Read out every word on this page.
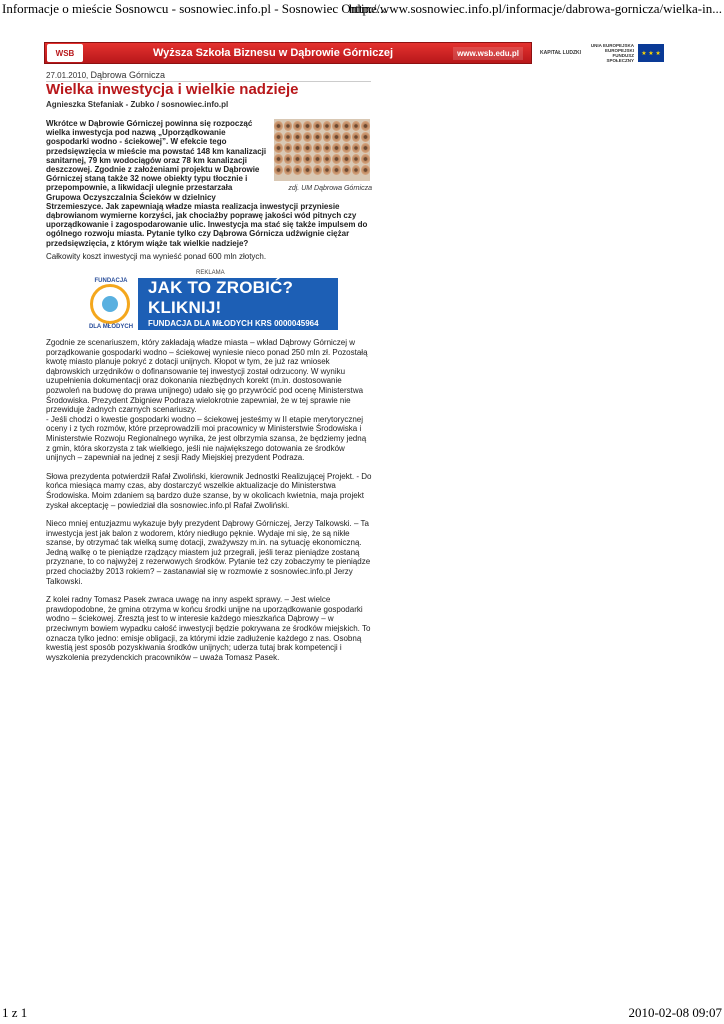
Informacje o mieście Sosnowcu - sosnowiec.info.pl - Sosnowiec Online...
http://www.sosnowiec.info.pl/informacje/dabrowa-gornicza/wielka-in...
WSB	Wyższa Szkoła Biznesu w Dąbrowie Górniczej	www.wsb.edu.pl	KAPITAŁ LUDZKI
UNIA EUROPEJSKA EUROPEJSKI FUNDUSZ SPOŁECZNY
★ ★ ★
27.01.2010, Dąbrowa Górnicza
Wielka inwestycja i wielkie nadzieje
Agnieszka Stefaniak - Zubko / sosnowiec.info.pl
zdj. UM Dąbrowa Górnicza
Wkrótce w Dąbrowie Górniczej powinna się rozpocząć wielka inwestycja pod nazwą „Uporządkowanie gospodarki wodno - ściekowej”. W efekcie tego przedsięwzięcia w mieście ma powstać 148 km kanalizacji sanitarnej, 79 km wodociągów oraz 78 km kanalizacji deszczowej. Zgodnie z założeniami projektu w Dąbrowie Górniczej staną także 32 nowe obiekty typu tłocznie i przepompownie, a likwidacji ulegnie przestarzała Grupowa Oczyszczalnia Ścieków w dzielnicy Strzemieszyce. Jak zapewniają władze miasta realizacja inwestycji przyniesie dąbrowianom wymierne korzyści, jak chociażby poprawę jakości wód pitnych czy uporządkowanie i zagospodarowanie ulic. Inwestycja ma stać się także impulsem do ogólnego rozwoju miasta. Pytanie tylko czy Dąbrowa Górnicza udźwignie ciężar przedsięwzięcia, z którym wiąże tak wielkie nadzieje?
Całkowity koszt inwestycji ma wynieść ponad 600 mln złotych.
REKLAMA
FUNDACJA
DLA MŁODYCH
JAK TO ZROBIĆ? KLIKNIJ!
FUNDACJA DLA MŁODYCH KRS 0000045964

Zgodnie ze scenariuszem, który zakładają władze miasta – wkład Dąbrowy Górniczej w porządkowanie gospodarki wodno – ściekowej wyniesie nieco ponad 250 mln zł. Pozostałą kwotę miasto planuje pokryć z dotacji unijnych. Kłopot w tym, że już raz wniosek dąbrowskich urzędników o dofinansowanie tej inwestycji został odrzucony. W wyniku uzupełnienia dokumentacji oraz dokonania niezbędnych korekt (m.in. dostosowanie pozwoleń na budowę do prawa unijnego) udało się go przywrócić pod ocenę Ministerstwa Środowiska. Prezydent Zbigniew Podraza wielokrotnie zapewniał, że w tej sprawie nie przewiduje żadnych czarnych scenariuszy.

- Jeśli chodzi o kwestie gospodarki wodno – ściekowej jesteśmy w II etapie merytorycznej oceny i z tych rozmów, które przeprowadzili moi pracownicy w Ministerstwie Środowiska i Ministerstwie Rozwoju Regionalnego wynika, że jest olbrzymia szansa, że będziemy jedną z gmin, która skorzysta z tak wielkiego, jeśli nie największego dotowania ze środków unijnych – zapewniał na jednej z sesji Rady Miejskiej prezydent Podraza.

Słowa prezydenta potwierdził Rafał Zwoliński, kierownik Jednostki Realizującej Projekt. - Do końca miesiąca mamy czas, aby dostarczyć wszelkie aktualizacje do Ministerstwa Środowiska. Moim zdaniem są bardzo duże szanse, by w okolicach kwietnia, maja projekt zyskał akceptację – powiedział dla sosnowiec.info.pl Rafał Zwoliński.

Nieco mniej entuzjazmu wykazuje były prezydent Dąbrowy Górniczej, Jerzy Talkowski. – Ta inwestycja jest jak balon z wodorem, który niedługo pęknie. Wydaje mi się, że są nikłe szanse, by otrzymać tak wielką sumę dotacji, zważywszy m.in. na sytuację ekonomiczną. Jedną walkę o te pieniądze rządzący miastem już przegrali, jeśli teraz pieniądze zostaną przyznane, to co najwyżej z rezerwowych środków. Pytanie też czy zobaczymy te pieniądze przed chociażby 2013 rokiem? – zastanawiał się w rozmowie z sosnowiec.info.pl Jerzy Talkowski.

Z kolei radny Tomasz Pasek zwraca uwagę na inny aspekt sprawy. – Jest wielce prawdopodobne, że gmina otrzyma w końcu środki unijne na uporządkowanie gospodarki wodno – ściekowej. Zresztą jest to w interesie każdego mieszkańca Dąbrowy – w przeciwnym bowiem wypadku całość inwestycji będzie pokrywana ze środków miejskich. To oznacza tylko jedno: emisje obligacji, za którymi idzie zadłużenie każdego z nas. Osobną kwestią jest sposób pozyskiwania środków unijnych; uderza tutaj brak kompetencji i wyszkolenia prezydenckich pracowników – uważa Tomasz Pasek.

1 z 1	2010-02-08 09:07
